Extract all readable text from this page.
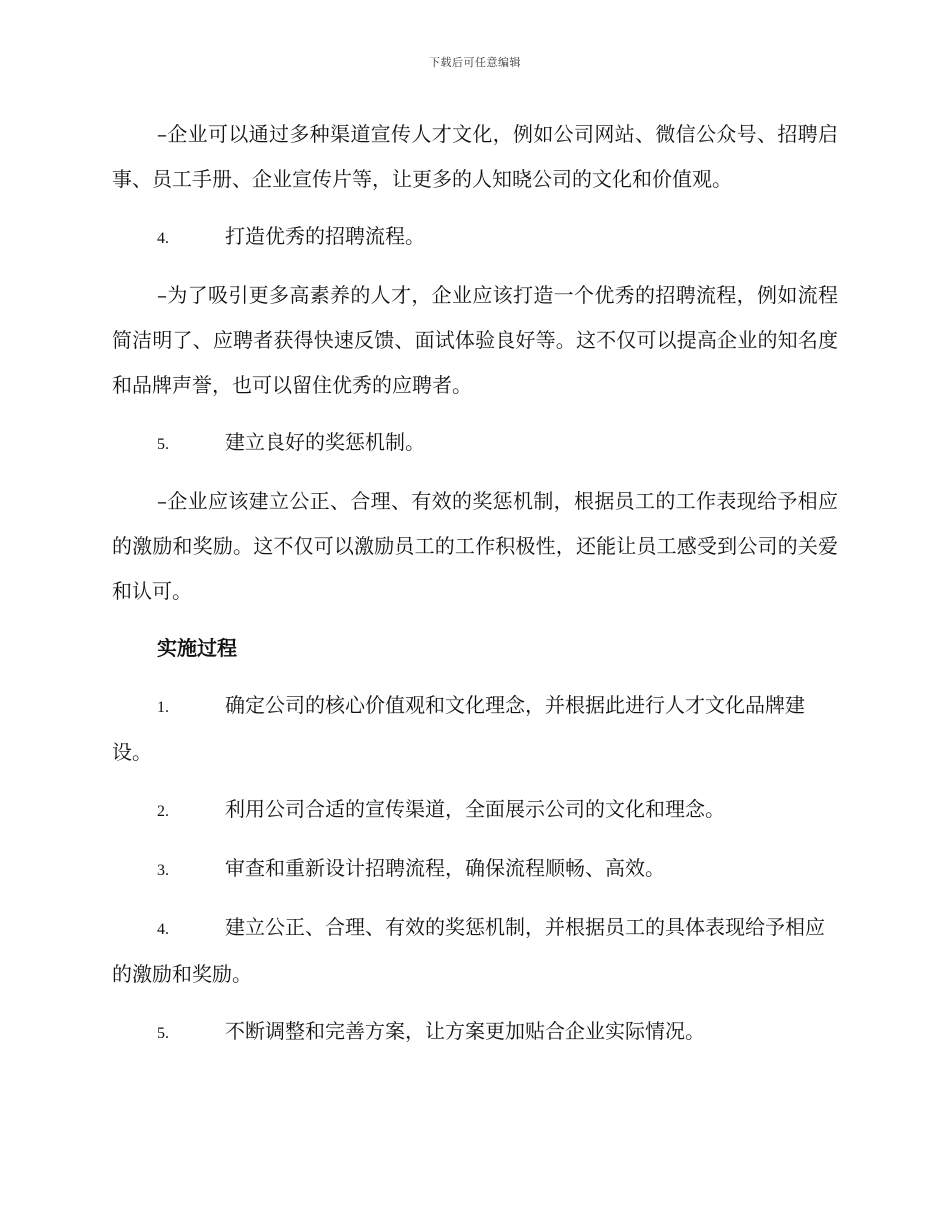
下载后可任意编辑

–企业可以通过多种渠道宣传人才文化，例如公司网站、微信公众号、招聘启事、员工手册、企业宣传片等，让更多的人知晓公司的文化和价值观。

4.	打造优秀的招聘流程。

–为了吸引更多高素养的人才，企业应该打造一个优秀的招聘流程，例如流程简洁明了、应聘者获得快速反馈、面试体验良好等。这不仅可以提高企业的知名度和品牌声誉，也可以留住优秀的应聘者。

5.	建立良好的奖惩机制。

–企业应该建立公正、合理、有效的奖惩机制，根据员工的工作表现给予相应的激励和奖励。这不仅可以激励员工的工作积极性，还能让员工感受到公司的关爱和认可。

实施过程
1.	确定公司的核心价值观和文化理念，并根据此进行人才文化品牌建设。
2.	利用公司合适的宣传渠道，全面展示公司的文化和理念。
3.	审查和重新设计招聘流程，确保流程顺畅、高效。
4.	建立公正、合理、有效的奖惩机制，并根据员工的具体表现给予相应的激励和奖励。
5.	不断调整和完善方案，让方案更加贴合企业实际情况。
